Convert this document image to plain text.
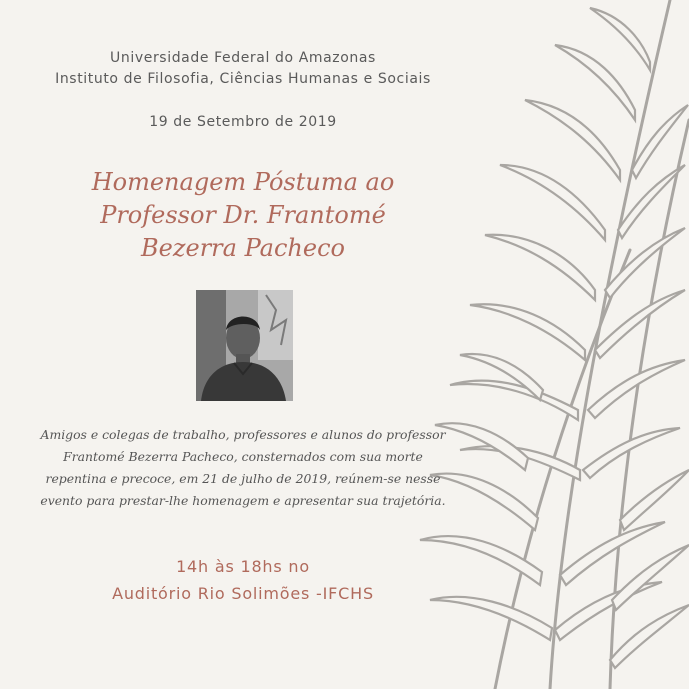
Universidade Federal do Amazonas
Instituto de Filosofia, Ciências Humanas e Sociais
19 de Setembro de 2019
Homenagem Póstuma ao Professor Dr. Frantomé Bezerra Pacheco
Amigos e colegas de trabalho, professores e alunos do professor Frantomé Bezerra Pacheco, consternados com sua morte repentina e precoce, em 21 de julho de 2019, reúnem-se nesse evento para prestar-lhe homenagem e apresentar sua trajetória.
14h às 18hs no
Auditório Rio Solimões -IFCHS
